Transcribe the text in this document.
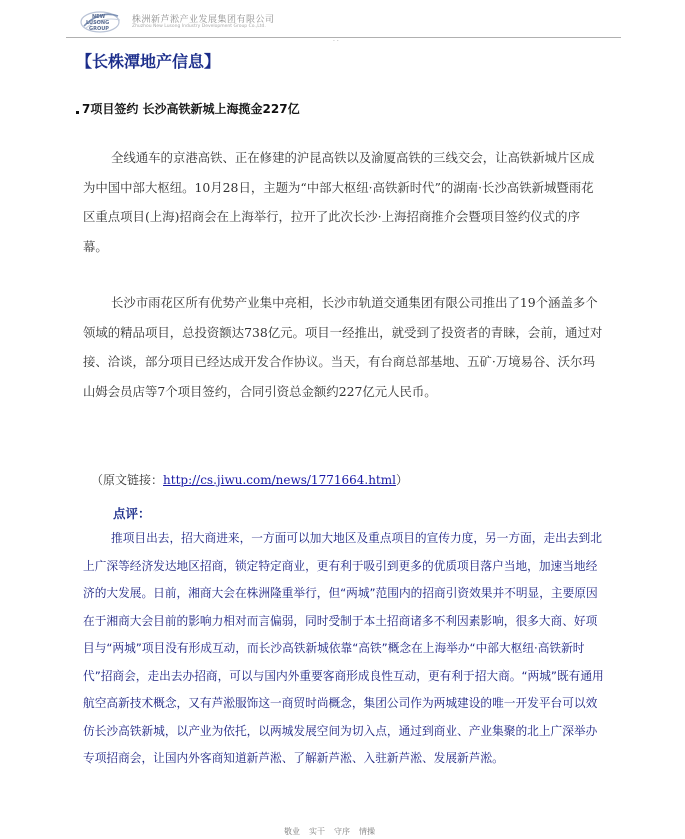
NEW
LUSONG
GROUP
株洲新芦淞产业发展集团有限公司
Zhuzhou New Lusong Industry Development Group Co.,Ltd.
· ·
【长株潭地产信息】
7项目签约 长沙高铁新城上海揽金227亿
全线通车的京港高铁、正在修建的沪昆高铁以及渝厦高铁的三线交会，让高铁新城片区成为中国中部大枢纽。10月28日，主题为“中部大枢纽·高铁新时代”的湖南·长沙高铁新城暨雨花区重点项目(上海)招商会在上海举行，拉开了此次长沙·上海招商推介会暨项目签约仪式的序幕。
长沙市雨花区所有优势产业集中亮相，长沙市轨道交通集团有限公司推出了19个涵盖多个领域的精品项目，总投资额达738亿元。项目一经推出，就受到了投资者的青睐，会前，通过对接、洽谈，部分项目已经达成开发合作协议。当天，有台商总部基地、五矿·万境易谷、沃尔玛山姆会员店等7个项目签约，合同引资总金额约227亿元人民币。
（原文链接：http://cs.jiwu.com/news/1771664.html）
点评：
推项目出去，招大商进来，一方面可以加大地区及重点项目的宣传力度，另一方面，走出去到北上广深等经济发达地区招商，锁定特定商业，更有利于吸引到更多的优质项目落户当地，加速当地经济的大发展。日前，湘商大会在株洲隆重举行，但“两城”范围内的招商引资效果并不明显，主要原因在于湘商大会目前的影响力相对而言偏弱，同时受制于本土招商诸多不利因素影响，很多大商、好项目与“两城”项目没有形成互动，而长沙高铁新城依靠“高铁”概念在上海举办“中部大枢纽·高铁新时代”招商会，走出去办招商，可以与国内外重要客商形成良性互动，更有利于招大商。“两城”既有通用航空高新技术概念，又有芦淞服饰这一商贸时尚概念，集团公司作为两城建设的唯一开发平台可以效仿长沙高铁新城，以产业为依托，以两城发展空间为切入点，通过到商业、产业集聚的北上广深举办专项招商会，让国内外客商知道新芦淞、了解新芦淞、入驻新芦淞、发展新芦淞。
敬业 实干 守序 情操
